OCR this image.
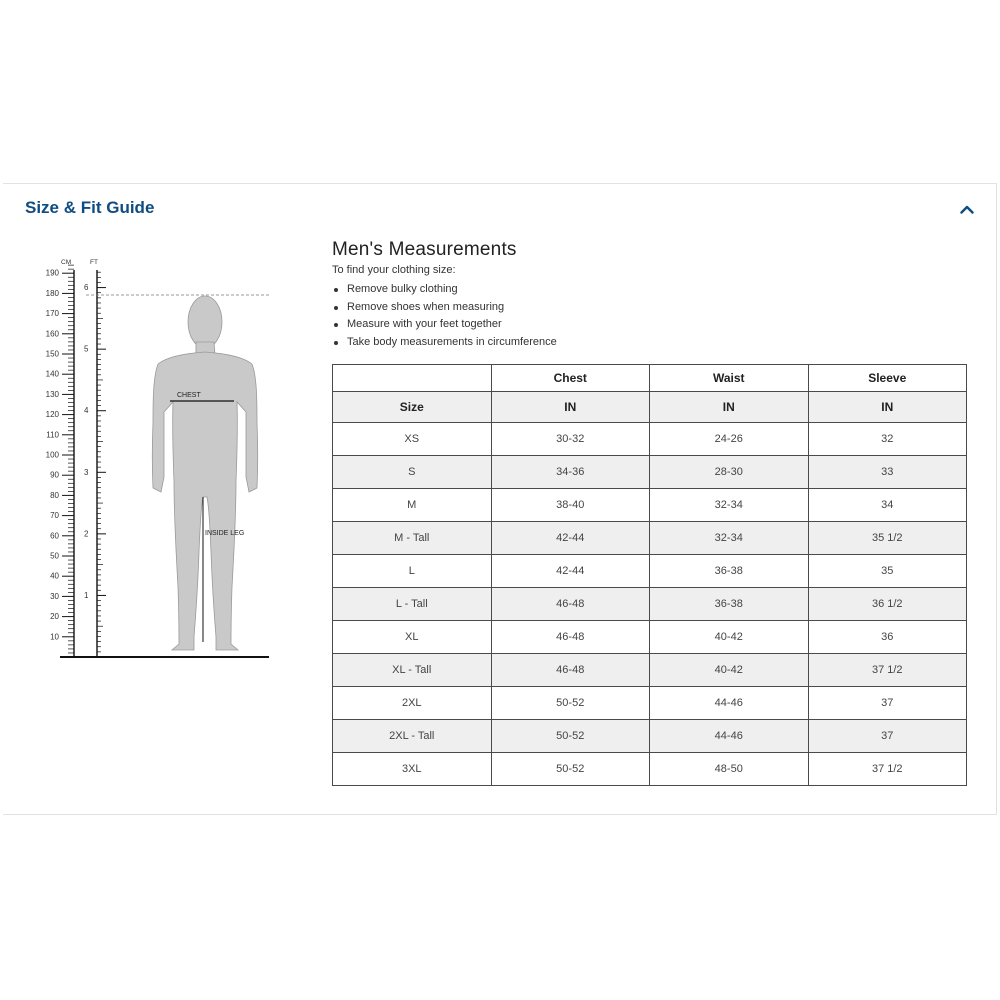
Size & Fit Guide
CM	FT
10
20
30
40
50
60
70
80
90
100
110
120
130
140
150
160
170
180
190
1
2
3
4
5
6
CHEST
INSIDE LEG
Men's Measurements
To find your clothing size:
Remove bulky clothing
Remove shoes when measuring
Measure with your feet together
Take body measurements in circumference
	Chest	Waist	Sleeve
Size	IN	IN	IN
XS	30-32	24-26	32
S	34-36	28-30	33
M	38-40	32-34	34
M - Tall	42-44	32-34	35 1/2
L	42-44	36-38	35
L - Tall	46-48	36-38	36 1/2
XL	46-48	40-42	36
XL - Tall	46-48	40-42	37 1/2
2XL	50-52	44-46	37
2XL - Tall	50-52	44-46	37
3XL	50-52	48-50	37 1/2
